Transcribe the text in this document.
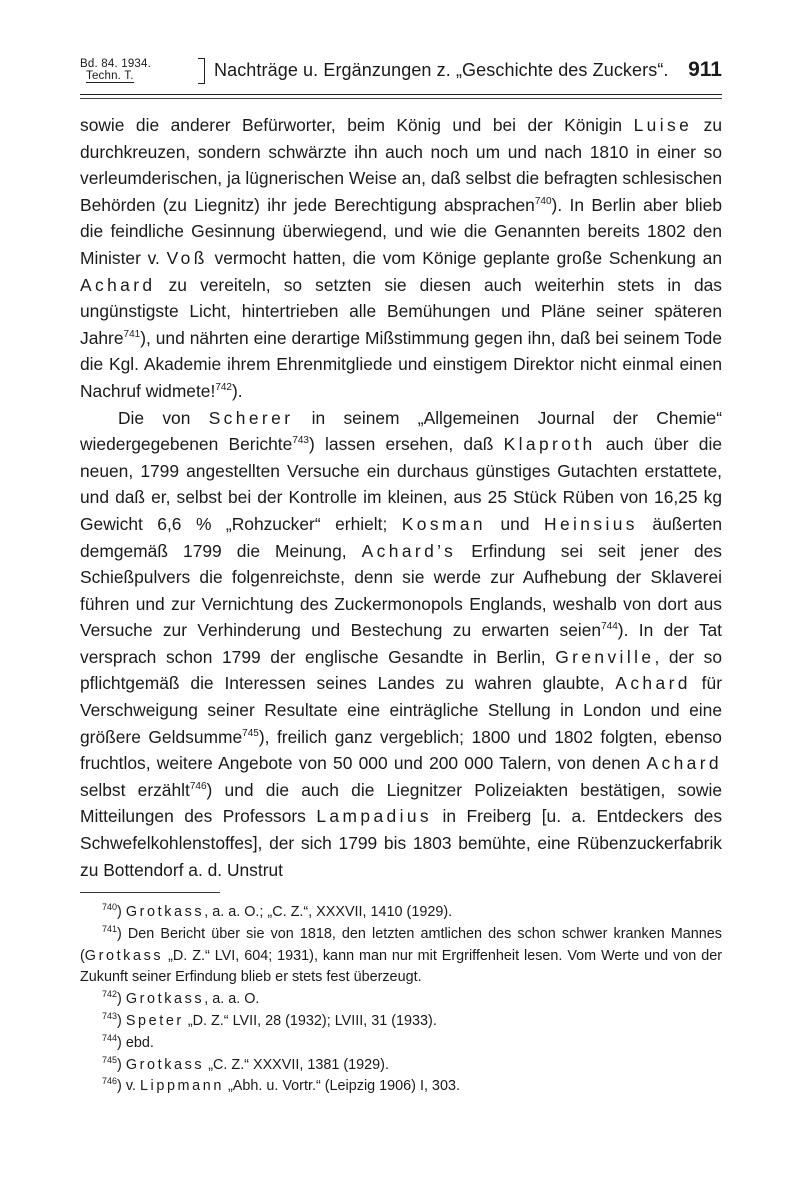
Bd. 84. 1934.
Techn. T.	Nachträge u. Ergänzungen z. „Geschichte des Zuckers“. 911

sowie die anderer Befürworter, beim König und bei der Königin Luise zu durchkreuzen, sondern schwärzte ihn auch noch um und nach 1810 in einer so verleumderischen, ja lügnerischen Weise an, daß selbst die befragten schlesischen Behörden (zu Liegnitz) ihr jede Berechtigung absprachen$^{740}$). In Berlin aber blieb die feindliche Gesinnung überwiegend, und wie die Genannten bereits 1802 den Minister v. Voß vermocht hatten, die vom Könige geplante große Schenkung an Achard zu vereiteln, so setzten sie diesen auch weiterhin stets in das ungünstigste Licht, hintertrieben alle Bemühungen und Pläne seiner späteren Jahre$^{741}$), und nährten eine derartige Mißstimmung gegen ihn, daß bei seinem Tode die Kgl. Akademie ihrem Ehrenmitgliede und einstigem Direktor nicht einmal einen Nachruf widmete!$^{742}$).

Die von Scherer in seinem „Allgemeinen Journal der Chemie“ wiedergegebenen Berichte$^{743}$) lassen ersehen, daß Klaproth auch über die neuen, 1799 angestellten Versuche ein durchaus günstiges Gutachten erstattete, und daß er, selbst bei der Kontrolle im kleinen, aus 25 Stück Rüben von 16,25 kg Gewicht 6,6 % „Rohzucker“ erhielt; Kosman und Heinsius äußerten demgemäß 1799 die Meinung, Achard’s Erfindung sei seit jener des Schießpulvers die folgenreichste, denn sie werde zur Aufhebung der Sklaverei führen und zur Vernichtung des Zuckermonopols Englands, weshalb von dort aus Versuche zur Verhinderung und Bestechung zu erwarten seien$^{744}$). In der Tat versprach schon 1799 der englische Gesandte in Berlin, Grenville, der so pflichtgemäß die Interessen seines Landes zu wahren glaubte, Achard für Verschweigung seiner Resultate eine einträgliche Stellung in London und eine größere Geldsumme$^{745}$), freilich ganz vergeblich; 1800 und 1802 folgten, ebenso fruchtlos, weitere Angebote von 50 000 und 200 000 Talern, von denen Achard selbst erzählt$^{746}$) und die auch die Liegnitzer Polizeiakten bestätigen, sowie Mitteilungen des Professors Lampadius in Freiberg [u. a. Entdeckers des Schwefelkohlenstoffes], der sich 1799 bis 1803 bemühte, eine Rübenzuckerfabrik zu Bottendorf a. d. Unstrut

$^{740}$) Grotkass, a. a. O.; „C. Z.“, XXXVII, 1410 (1929).

$^{741}$) Den Bericht über sie von 1818, den letzten amtlichen des schon schwer kranken Mannes (Grotkass „D. Z.“ LVI, 604; 1931), kann man nur mit Ergriffenheit lesen. Vom Werte und von der Zukunft seiner Erfindung blieb er stets fest überzeugt.

$^{742}$) Grotkass, a. a. O.

$^{743}$) Speter „D. Z.“ LVII, 28 (1932); LVIII, 31 (1933).

$^{744}$) ebd.

$^{745}$) Grotkass „C. Z.“ XXXVII, 1381 (1929).

$^{746}$) v. Lippmann „Abh. u. Vortr.“ (Leipzig 1906) I, 303.
